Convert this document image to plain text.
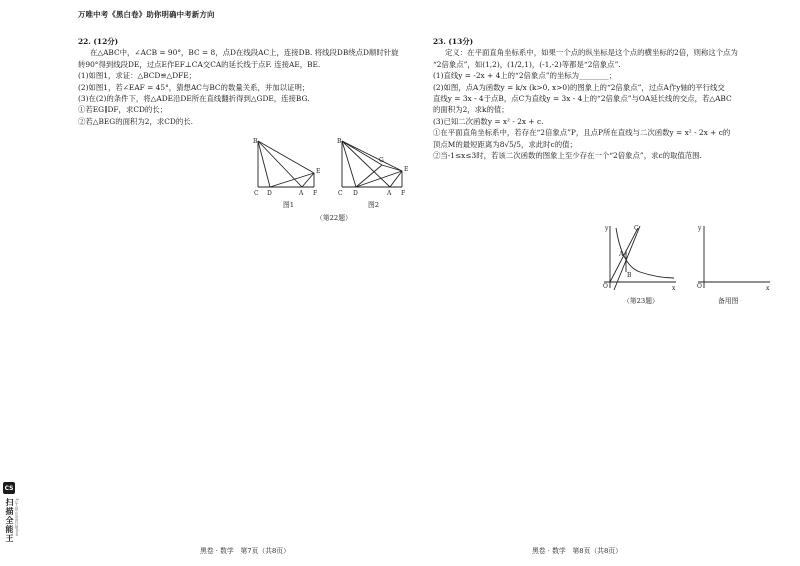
万唯中考《黑白卷》助你明确中考新方向

22. (12分)

在△ABC中，∠ACB = 90°，BC = 8，点D在线段AC上，连接DB. 将线段DB绕点D顺时针旋

转90°得到线段DE，过点E作EF⊥CA交CA的延长线于点F. 连接AE，BE.

(1)如图1，求证：△BCD≌△DFE；

(2)如图1，若∠EAF = 45°，猜想AC与BC的数量关系，并加以证明；

(3)在(2)的条件下，将△ADE沿DE所在直线翻折得到△GDE，连接BG.

①若EG∥DF，求CD的长；

②若△BEG的面积为2，求CD的长.

B
C D	A F
E
图1
B
C D	A F
E
G
图2
（第22题）

23. (13分)

定义：在平面直角坐标系中，如果一个点的纵坐标是这个点的横坐标的2倍，则称这个点为

“2倍象点”，如(1,2)，(1/2,1)，(-1,-2)等都是“2倍象点”.

(1)直线y = -2x + 4上的“2倍象点”的坐标为________；

(2)如图，点A为函数y = k/x (k>0, x>0)的图象上的“2倍象点”，过点A作y轴的平行线交

直线y = 3x - 4于点B，点C为直线y = 3x - 4上的“2倍象点”与OA延长线的交点，若△ABC

的面积为2，求k的值；

(3)已知二次函数y = x² - 2x + c.

①在平面直角坐标系中，若存在“2倍象点”P，且点P所在直线与二次函数y = x² - 2x + c的

顶点M的最短距离为8√5/5，求此时c的值；

②当-1≤x≤3时，若该二次函数的图象上至少存在一个“2倍象点”，求c的取值范围.

y
x
O
A
B
C
（第23题）
y
x
O
备用图
黑卷 · 数学　第7页（共8页）	黑卷 · 数学　第8页（共8页）
CS
扫描全能王 3亿人都在用的扫描App
